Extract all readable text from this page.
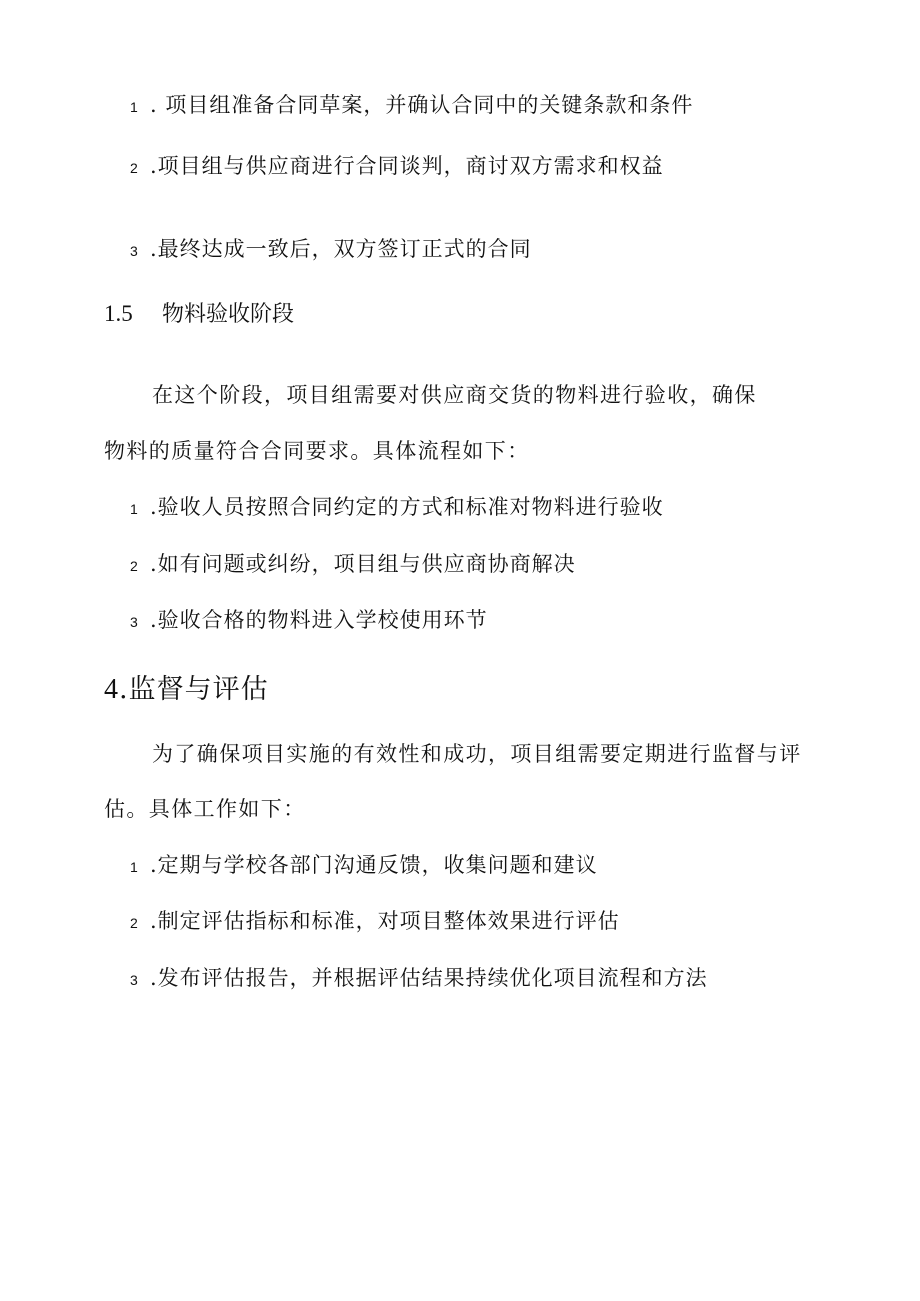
1 . 项目组准备合同草案，并确认合同中的关键条款和条件
2 .项目组与供应商进行合同谈判，商讨双方需求和权益
3 .最终达成一致后，双方签订正式的合同
1.5 物料验收阶段
在这个阶段，项目组需要对供应商交货的物料进行验收，确保
物料的质量符合合同要求。具体流程如下：
1 .验收人员按照合同约定的方式和标准对物料进行验收
2 .如有问题或纠纷，项目组与供应商协商解决
3 .验收合格的物料进入学校使用环节
4.监督与评估
为了确保项目实施的有效性和成功，项目组需要定期进行监督与评
估。具体工作如下：
1 .定期与学校各部门沟通反馈，收集问题和建议
2 .制定评估指标和标准，对项目整体效果进行评估
3 .发布评估报告，并根据评估结果持续优化项目流程和方法
